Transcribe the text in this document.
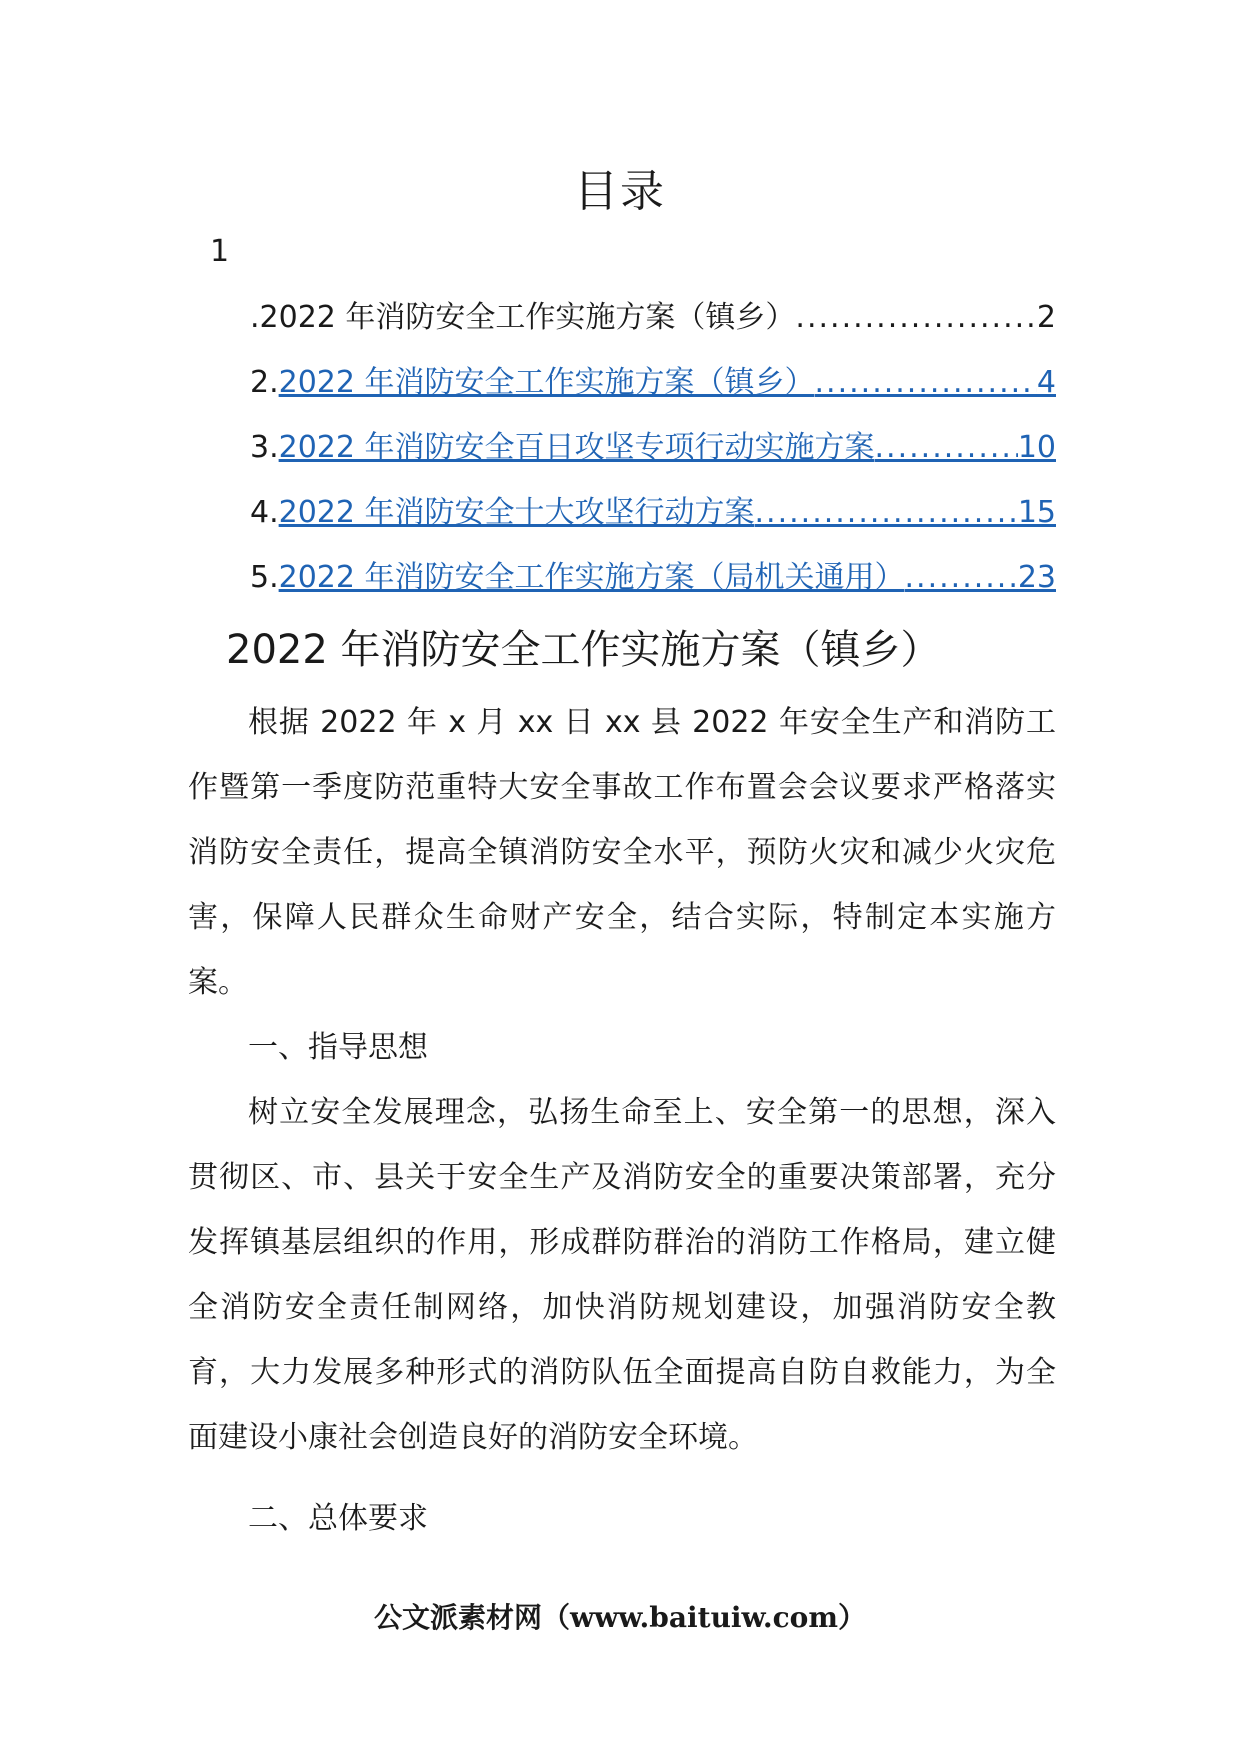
目录
1
.2022 年消防安全工作实施方案（镇乡） .....	2
2. 2022 年消防安全工作实施方案（镇乡） .....	4
3. 2022 年消防安全百日攻坚专项行动实施方案 .....	10
4. 2022 年消防安全十大攻坚行动方案 .....	15
5. 2022 年消防安全工作实施方案（局机关通用） .....	23
2022 年消防安全工作实施方案（镇乡）

根据 2022 年 x 月 xx 日 xx 县 2022 年安全生产和消防工作暨第一季度防范重特大安全事故工作布置会会议要求严格落实消防安全责任，提高全镇消防安全水平，预防火灾和减少火灾危害，保障人民群众生命财产安全，结合实际，特制定本实施方案。

一、指导思想

树立安全发展理念，弘扬生命至上、安全第一的思想，深入贯彻区、市、县关于安全生产及消防安全的重要决策部署，充分发挥镇基层组织的作用，形成群防群治的消防工作格局，建立健全消防安全责任制网络，加快消防规划建设，加强消防安全教育，大力发展多种形式的消防队伍全面提高自防自救能力，为全面建设小康社会创造良好的消防安全环境。

二、总体要求

公文派素材网（www.baituiw.com）
